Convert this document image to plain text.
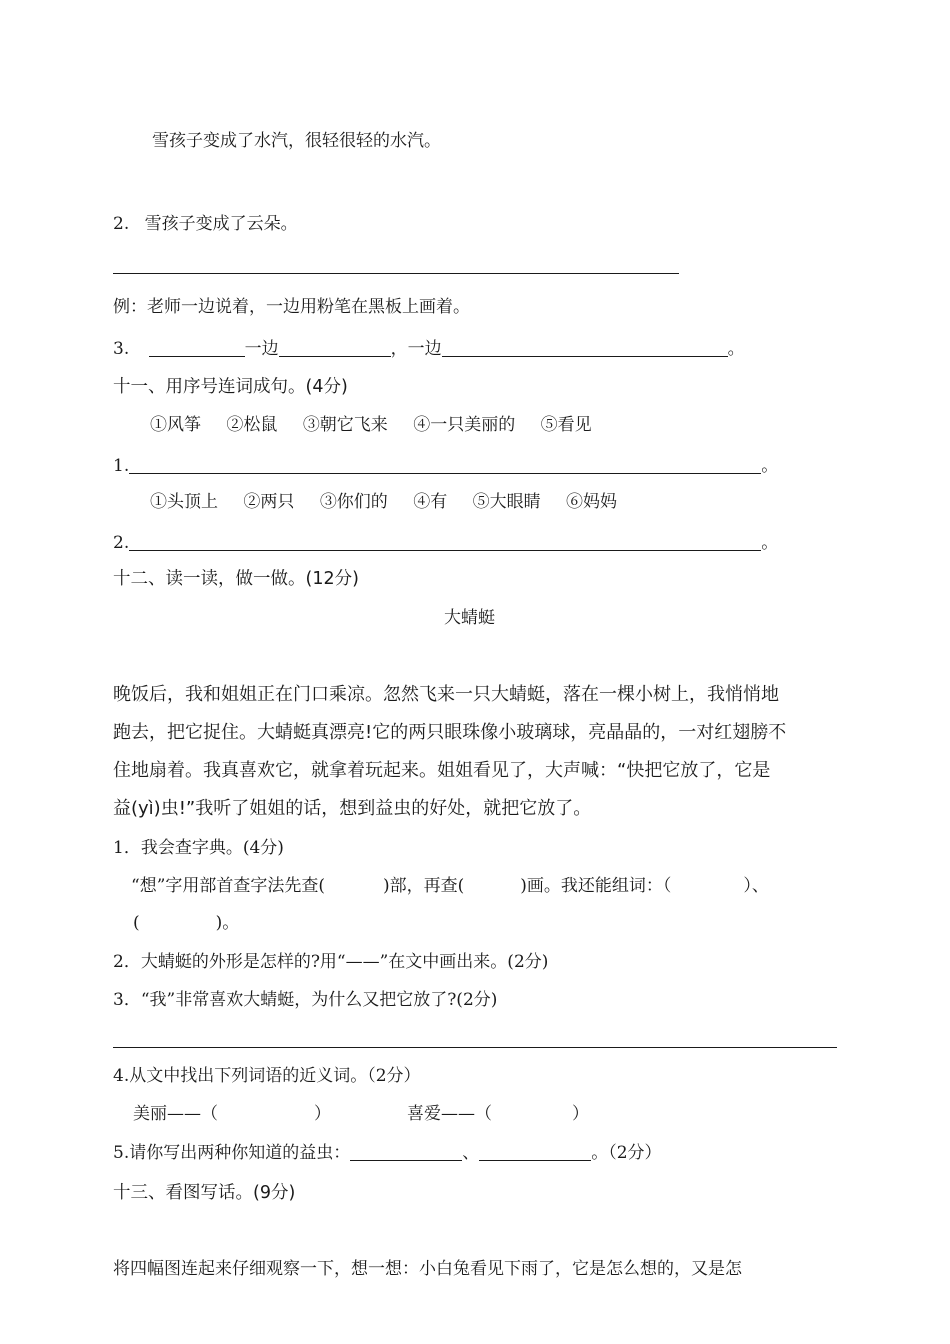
雪孩子变成了水汽，很轻很轻的水汽。
2. 雪孩子变成了云朵。
例：老师一边说着，一边用粉笔在黑板上画着。
3.	一边	，一边	。
十一、用序号连词成句。(4分)
①风筝 ②松鼠 ③朝它飞来 ④一只美丽的 ⑤看见
1.	。
①头顶上 ②两只 ③你们的 ④有 ⑤大眼睛 ⑥妈妈
2.	。
十二、读一读，做一做。(12分)
大蜻蜓
晚饭后，我和姐姐正在门口乘凉。忽然飞来一只大蜻蜓，落在一棵小树上，我悄悄地
跑去，把它捉住。大蜻蜓真漂亮!它的两只眼珠像小玻璃球，亮晶晶的，一对红翅膀不
住地扇着。我真喜欢它，就拿着玩起来。姐姐看见了，大声喊：“快把它放了，它是
益(yì)虫!”我听了姐姐的话，想到益虫的好处，就把它放了。
1．我会查字典。(4分)
“想”字用部首查字法先查(	)部，再查(	)画。我还能组词：（	）、
(	)。
2．大蜻蜓的外形是怎样的?用“——”在文中画出来。(2分)
3．“我”非常喜欢大蜻蜓，为什么又把它放了?(2分)
4.从文中找出下列词语的近义词。（2分）
美丽——（	）	喜爱——（	）
5.请你写出两种你知道的益虫：	、	。（2分）
十三、看图写话。(9分)
将四幅图连起来仔细观察一下，想一想：小白兔看见下雨了，它是怎么想的，又是怎
